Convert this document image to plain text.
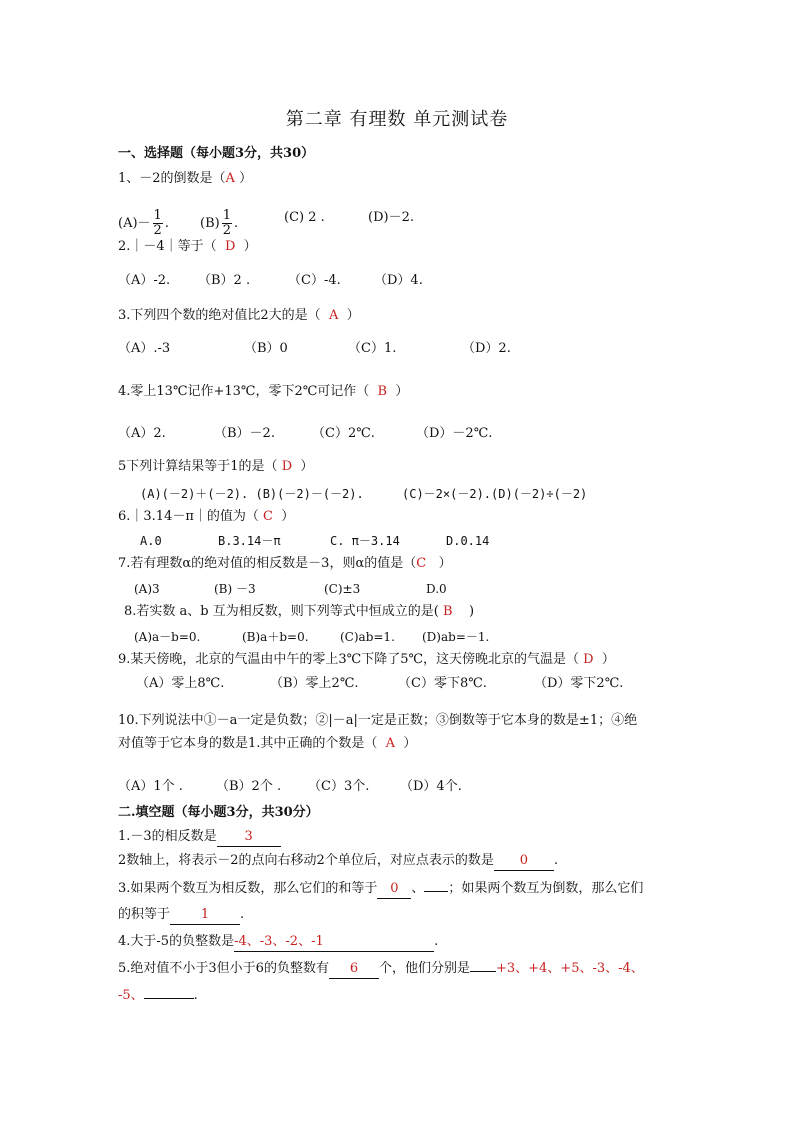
第二章 有理数 单元测试卷
一、选择题（每小题3分，共30）
1、－2的倒数是（A ）
$(A)- \frac{1}{2}$ . $(B) \frac{1}{2}$ .	(C) 2 .	(D)－2.
2.｜－4｜等于（ D ）
（A）-2. （B）2 .	（C）-4.	（D）4.
3.下列四个数的绝对值比2大的是（ A ）
（A）.-3	（B）0	（C）1.	（D）2.
4.零上13℃记作+13℃，零下2℃可记作（ B ）
（A）2.	（B）－2.	（C）2℃.	（D）－2℃.
5下列计算结果等于1的是（ D ）
(A)(－2)＋(－2). (B)(－2)－(－2).	(C)－2×(－2).(D)(－2)÷(－2)
6.｜3.14－π｜的值为（ C ）
A.0	B.3.14－π	C. π－3.14	D.0.14
7.若有理数α的绝对值的相反数是－3，则α的值是（C ）
(A)3	(B) －3	(C)±3	D.0
8.若实数 a、b 互为相反数，则下列等式中恒成立的是( B )
(A)a－b=0.	(B)a＋b=0.	(C)ab=1. (D)ab=－1.
9.某天傍晚，北京的气温由中午的零上3℃下降了5℃，这天傍晚北京的气温是（ D ）
（A）零上8℃.	（B）零上2℃.	（C）零下8℃.	（D）零下2℃.
10.下列说法中①－a一定是负数；②|－a|一定是正数；③倒数等于它本身的数是±1；④绝
对值等于它本身的数是1.其中正确的个数是（ A ）
（A）1个 .	（B）2个 . （C）3个. （D）4个.
二.填空题（每小题3分，共30分）
1.－3的相反数是 3
2数轴上，将表示－2的点向右移动2个单位后，对应点表示的数是 0 .
3.如果两个数互为相反数，那么它们的和等于 0 、 ；如果两个数互为倒数，那么它们
的积等于 1 .
4.大于-5的负整数是-4、-3、-2、-1	.
5.绝对值不小于3但小于6的负整数有 6 个，他们分别是 +3、+4、+5、-3、-4、
-5、	.
